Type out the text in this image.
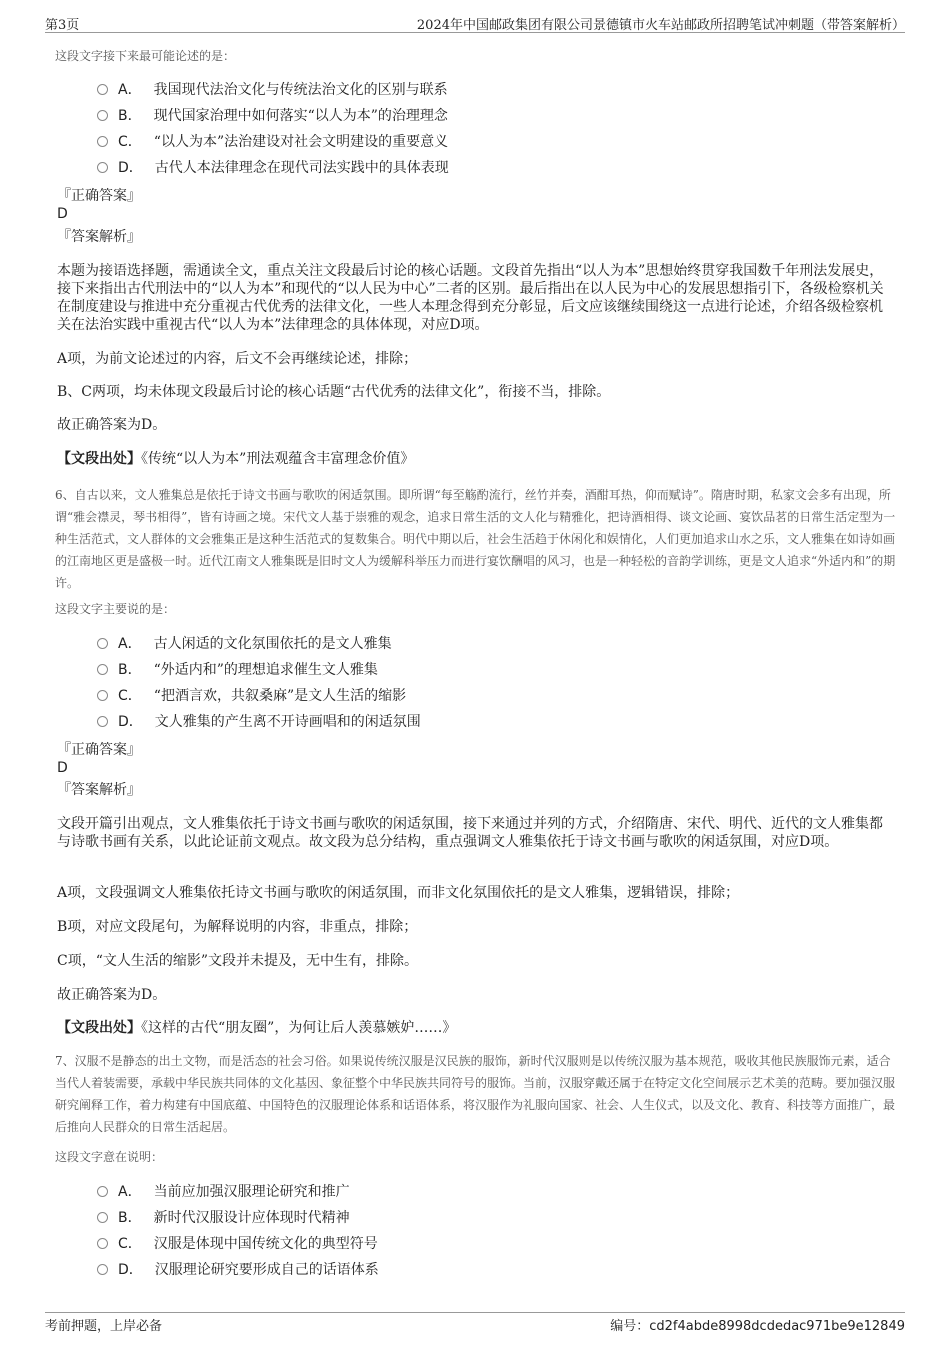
第3页	2024年中国邮政集团有限公司景德镇市火车站邮政所招聘笔试冲刺题（带答案解析）
这段文字接下来最可能论述的是：
A． 我国现代法治文化与传统法治文化的区别与联系
B． 现代国家治理中如何落实“以人为本”的治理理念
C． “以人为本”法治建设对社会文明建设的重要意义
D． 古代人本法律理念在现代司法实践中的具体表现
『正确答案』
D
『答案解析』
本题为接语选择题，需通读全文，重点关注文段最后讨论的核心话题。文段首先指出“以人为本”思想始终贯穿我国数千年刑法发展史，接下来指出古代刑法中的“以人为本”和现代的“以人民为中心”二者的区别。最后指出在以人民为中心的发展思想指引下，各级检察机关在制度建设与推进中充分重视古代优秀的法律文化，一些人本理念得到充分彰显，后文应该继续围绕这一点进行论述，介绍各级检察机关在法治实践中重视古代“以人为本”法律理念的具体体现，对应D项。
A项，为前文论述过的内容，后文不会再继续论述，排除；
B、C两项，均未体现文段最后讨论的核心话题“古代优秀的法律文化”，衔接不当，排除。
故正确答案为D。
【文段出处】《传统“以人为本”刑法观蕴含丰富理念价值》
6、自古以来，文人雅集总是依托于诗文书画与歌吹的闲适氛围。即所谓“每至觞酌流行，丝竹并奏，酒酣耳热，仰而赋诗”。隋唐时期，私家文会多有出现，所谓“雅会襟灵，琴书相得”，皆有诗画之境。宋代文人基于崇雅的观念，追求日常生活的文人化与精雅化，把诗酒相得、谈文论画、宴饮品茗的日常生活定型为一种生活范式，文人群体的文会雅集正是这种生活范式的复数集合。明代中期以后，社会生活趋于休闲化和娱情化，人们更加追求山水之乐，文人雅集在如诗如画的江南地区更是盛极一时。近代江南文人雅集既是旧时文人为缓解科举压力而进行宴饮酬唱的风习，也是一种轻松的音韵学训练，更是文人追求“外适内和”的期许。
这段文字主要说的是：
A． 古人闲适的文化氛围依托的是文人雅集
B． “外适内和”的理想追求催生文人雅集
C． “把酒言欢，共叙桑麻”是文人生活的缩影
D． 文人雅集的产生离不开诗画唱和的闲适氛围
『正确答案』
D
『答案解析』
文段开篇引出观点，文人雅集依托于诗文书画与歌吹的闲适氛围，接下来通过并列的方式，介绍隋唐、宋代、明代、近代的文人雅集都与诗歌书画有关系，以此论证前文观点。故文段为总分结构，重点强调文人雅集依托于诗文书画与歌吹的闲适氛围，对应D项。
A项，文段强调文人雅集依托诗文书画与歌吹的闲适氛围，而非文化氛围依托的是文人雅集，逻辑错误，排除；
B项，对应文段尾句，为解释说明的内容，非重点，排除；
C项，“文人生活的缩影”文段并未提及，无中生有，排除。
故正确答案为D。
【文段出处】《这样的古代“朋友圈”，为何让后人羡慕嫉妒……》
7、汉服不是静态的出土文物，而是活态的社会习俗。如果说传统汉服是汉民族的服饰，新时代汉服则是以传统汉服为基本规范，吸收其他民族服饰元素，适合当代人着装需要，承载中华民族共同体的文化基因、象征整个中华民族共同符号的服饰。当前，汉服穿戴还属于在特定文化空间展示艺术美的范畴。要加强汉服研究阐释工作，着力构建有中国底蕴、中国特色的汉服理论体系和话语体系，将汉服作为礼服向国家、社会、人生仪式，以及文化、教育、科技等方面推广，最后推向人民群众的日常生活起居。
这段文字意在说明：
A． 当前应加强汉服理论研究和推广
B． 新时代汉服设计应体现时代精神
C． 汉服是体现中国传统文化的典型符号
D． 汉服理论研究要形成自己的话语体系
考前押题，上岸必备	编号：cd2f4abde8998dcdedac971be9e12849
